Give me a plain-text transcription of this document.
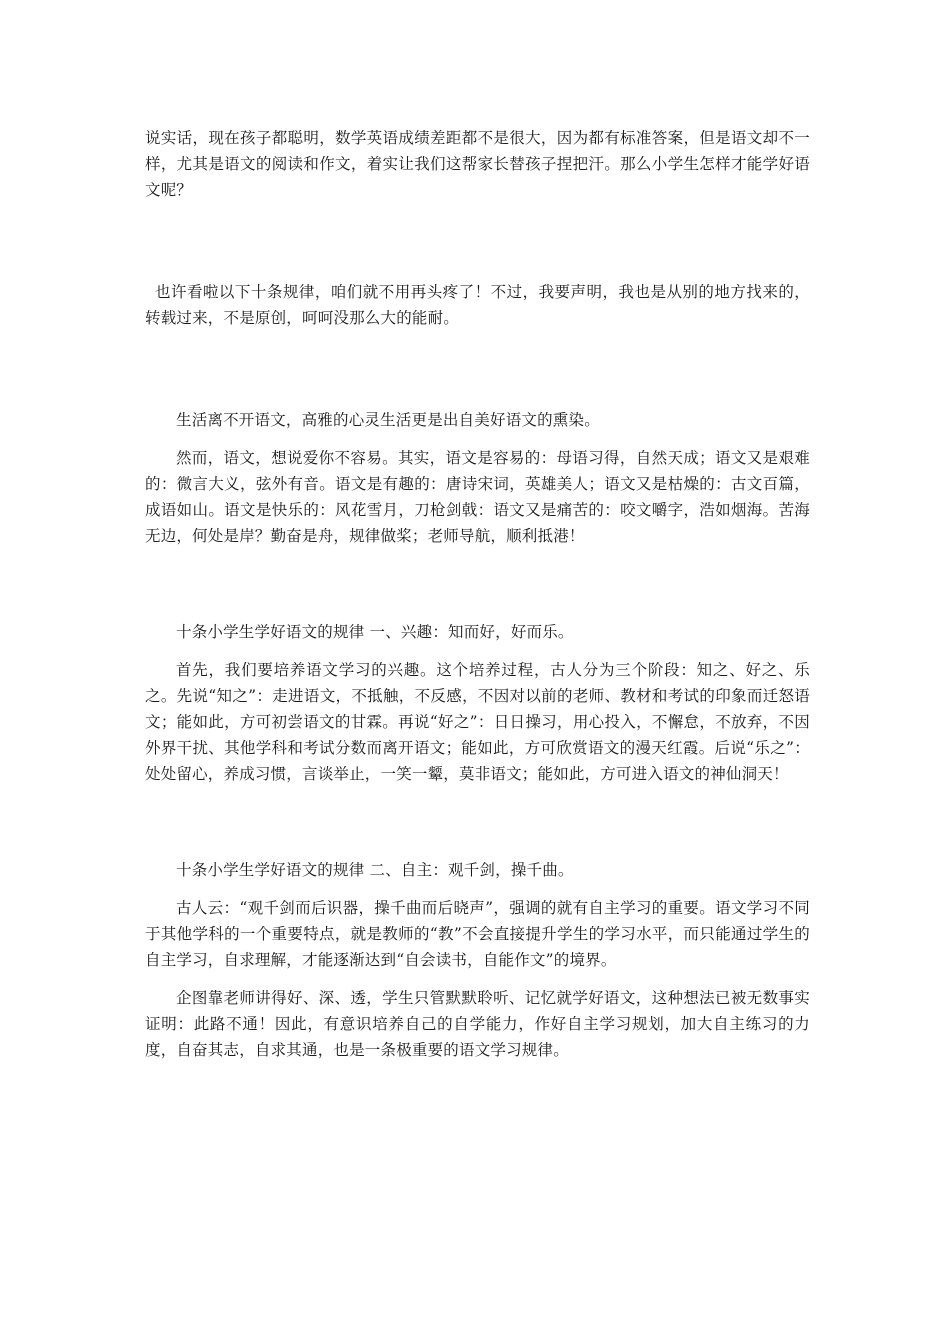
说实话，现在孩子都聪明，数学英语成绩差距都不是很大，因为都有标准答案，但是语文却不一样，尤其是语文的阅读和作文，着实让我们这帮家长替孩子捏把汗。那么小学生怎样才能学好语文呢？

也许看啦以下十条规律，咱们就不用再头疼了！不过，我要声明，我也是从别的地方找来的，转载过来，不是原创，呵呵没那么大的能耐。

生活离不开语文，高雅的心灵生活更是出自美好语文的熏染。

然而，语文，想说爱你不容易。其实，语文是容易的：母语习得，自然天成；语文又是艰难的：微言大义，弦外有音。语文是有趣的：唐诗宋词，英雄美人；语文又是枯燥的：古文百篇，成语如山。语文是快乐的：风花雪月，刀枪剑戟：语文又是痛苦的：咬文嚼字，浩如烟海。苦海无边，何处是岸？勤奋是舟，规律做桨；老师导航，顺利抵港！

十条小学生学好语文的规律 一、兴趣：知而好，好而乐。

首先，我们要培养语文学习的兴趣。这个培养过程，古人分为三个阶段：知之、好之、乐之。先说“知之”：走进语文，不抵触，不反感，不因对以前的老师、教材和考试的印象而迁怒语文；能如此，方可初尝语文的甘霖。再说“好之”：日日操习，用心投入，不懈怠，不放弃，不因外界干扰、其他学科和考试分数而离开语文；能如此，方可欣赏语文的漫天红霞。后说“乐之”：处处留心，养成习惯，言谈举止，一笑一颦，莫非语文；能如此，方可进入语文的神仙洞天！

十条小学生学好语文的规律 二、自主：观千剑，操千曲。

古人云：“观千剑而后识器，操千曲而后晓声”，强调的就有自主学习的重要。语文学习不同于其他学科的一个重要特点，就是教师的“教”不会直接提升学生的学习水平，而只能通过学生的自主学习，自求理解，才能逐渐达到“自会读书，自能作文”的境界。

企图靠老师讲得好、深、透，学生只管默默聆听、记忆就学好语文，这种想法已被无数事实证明：此路不通！因此，有意识培养自己的自学能力，作好自主学习规划，加大自主练习的力度，自奋其志，自求其通，也是一条极重要的语文学习规律。
